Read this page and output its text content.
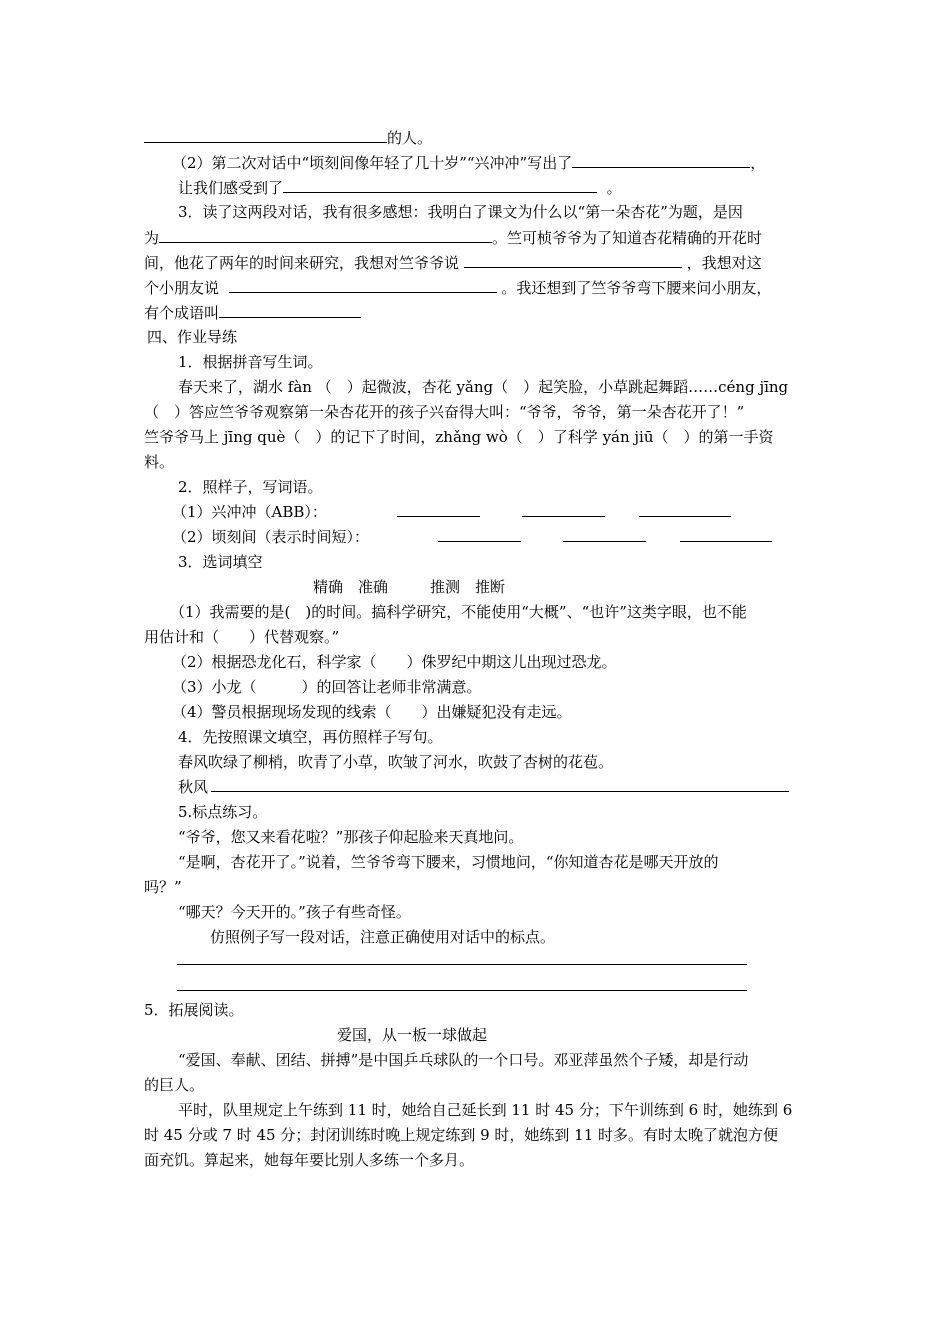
的人。
（2）第二次对话中“顷刻间像年轻了几十岁”“兴冲冲”写出了	，
让我们感受到了	。
3．读了这两段对话，我有很多感想：我明白了课文为什么以“第一朵杏花”为题，是因
为	。竺可桢爷爷为了知道杏花精确的开花时
间，他花了两年的时间来研究，我想对竺爷爷说	，我想对这
个小朋友说	。我还想到了竺爷爷弯下腰来问小朋友，
有个成语叫
四、作业导练
1．根据拼音写生词。
春天来了，湖水 fàn （　）起微波，杏花 yǎng（　）起笑脸，小草跳起舞蹈……céng jīng
（　）答应竺爷爷观察第一朵杏花开的孩子兴奋得大叫：“爷爷，爷爷，第一朵杏花开了！”
竺爷爷马上 jīng què（　）的记下了时间，zhǎng wò（　）了科学 yán jiū（　）的第一手资
料。
2．照样子，写词语。
（1）兴冲冲（ABB）：
（2）顷刻间（表示时间短）：
3．选词填空
精确　准确	推测　推断
（1）我需要的是(　)的时间。搞科学研究，不能使用“大概”、“也许”这类字眼，也不能
用估计和（　　）代替观察。”
（2）根据恐龙化石，科学家（　　）侏罗纪中期这儿出现过恐龙。
（3）小龙（　　　）的回答让老师非常满意。
（4）警员根据现场发现的线索（　　）出嫌疑犯没有走远。
4．先按照课文填空，再仿照样子写句。
春风吹绿了柳梢，吹青了小草，吹皱了河水，吹鼓了杏树的花苞。
秋风
5.标点练习。
“爷爷，您又来看花啦？”那孩子仰起脸来天真地问。
“是啊，杏花开了。”说着，竺爷爷弯下腰来，习惯地问，“你知道杏花是哪天开放的
吗？”
“哪天？今天开的。”孩子有些奇怪。
仿照例子写一段对话，注意正确使用对话中的标点。
5．拓展阅读。
爱国，从一板一球做起
“爱国、奉献、团结、拼搏”是中国乒乓球队的一个口号。邓亚萍虽然个子矮，却是行动
的巨人。
平时，队里规定上午练到 11 时，她给自己延长到 11 时 45 分；下午训练到 6 时，她练到 6
时 45 分或 7 时 45 分；封闭训练时晚上规定练到 9 时，她练到 11 时多。有时太晚了就泡方便
面充饥。算起来，她每年要比别人多练一个多月。
